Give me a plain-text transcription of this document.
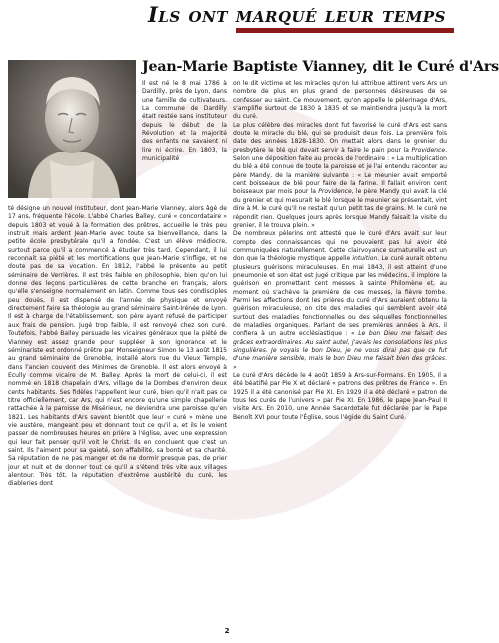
Ils ont marqué leur temps
Jean-Marie Baptiste Vianney, dit le Curé d'Ars

Il est né le 8 mai 1786 à Dardilly, près de Lyon, dans une famille de cultivateurs. La commune de Dardilly était restée sans instituteur depuis le début de la Révolution et la majorité des enfants ne savaient ni lire ni écrire. En 1803, la municipalité

té désigne un nouvel instituteur, dont Jean-Marie Vianney, alors âgé de 17 ans, fréquente l'école. L'abbé Charles Balley, curé « concordataire » depuis 1803 et voué à la formation des prêtres, accueille le très peu instruit mais ardent Jean-Marie avec toute sa bienveillance, dans la petite école presbytérale qu'il a fondée. C'est un élève médiocre, surtout parce qu'il a commencé à étudier très tard. Cependant, il lui reconnait sa piété et les mortifications que Jean-Marie s'inflige, et ne doute pas de sa vocation. En 1812, l'abbé le présente au petit séminaire de Verrières. Il est très faible en philosophie, bien qu'on lui donne des leçons particulières de cette branche en français, alors qu'elle s'enseigne normalement en latin. Comme tous ses condisciples peu doués, il est dispensé de l'année de physique et envoyé directement faire sa théologie au grand séminaire Saint-Irénée de Lyon. Il est à charge de l'établissement, son père ayant refusé de participer aux frais de pension. Jugé trop faible, il est renvoyé chez son curé. Toutefois, l'abbé Balley persuade les vicaires généraux que la piété de Vianney est assez grande pour suppléer à son ignorance et le séminariste est ordonné prêtre par Monseigneur Simon le 13 août 1815 au grand séminaire de Grenoble, installé alors rue du Vieux Temple, dans l'ancien couvent des Minimes de Grenoble. Il est alors envoyé à Ecully comme vicaire de M. Balley. Après la mort de celui-ci, il est nommé en 1818 chapelain d'Ars, village de la Dombes d'environ deux cents habitants. Ses fidèles l'appellent leur curé, bien qu'il n'ait pas ce titre officiellement, car Ars, qui n'est encore qu'une simple chapellerie rattachée à la paroisse de Misérieux, ne deviendra une paroisse qu'en 1821. Les habitants d'Ars savent bientôt que leur « curé » mène une vie austère, mangeant peu et donnant tout ce qu'il a, et ils le voient passer de nombreuses heures en prière à l'église, avec une expression qui leur fait penser qu'il voit le Christ. Ils en concluent que c'est un saint. Ils l'aiment pour sa gaieté, son affabilité, sa bonté et sa charité. Sa réputation de ne pas manger et de ne dormir presque pas, de prier jour et nuit et de donner tout ce qu'il a s'étend très vite aux villages alentour. Très tôt, la réputation d'extrême austérité du curé, les diableries dont

on le dit victime et les miracles qu'on lui attribue attirent vers Ars un nombre de plus en plus grand de personnes désireuses de se confesser au saint. Ce mouvement, qu'on appelle le pèlerinage d'Ars, s'amplifie surtout de 1830 à 1835 et se maintiendra jusqu'à la mort du curé.

Le plus célèbre des miracles dont fut favorisé le curé d'Ars est sans doute le miracle du blé, qui se produisit deux fois. La première fois date des années 1828-1830. On mettait alors dans le grenier du presbytère le blé qui devait servir à faire le pain pour la Providence. Selon une déposition faite au procès de l'ordinaire : « La multiplication du blé a été connue de toute la paroisse et je l'ai entendu raconter au père Mandy, de la manière suivante : « Le meunier avait emporté cent boisseaux de blé pour faire de la farine. Il fallait environ cent boisseaux par mois pour la Providence, le père Mandy qui avait la clé du grenier et qui mesurait le blé lorsque le meunier se présentait, vint dire à M. le curé qu'il ne restait qu'un petit tas de grains. M. le curé ne répondit rien. Quelques jours après lorsque Mandy faisait la visite du grenier, il le trouva plein. »

De nombreux pèlerins ont attesté que le curé d'Ars avait sur leur compte des connaissances qui ne pouvaient pas lui avoir été communiquées naturellement. Cette clairvoyance surnaturelle est un don que la théologie mystique appelle intuition. Le curé aurait obtenu plusieurs guérisons miraculeuses. En mai 1843, il est atteint d'une pneumonie et son état est jugé critique par les médecins, il implore la guérison en promettant cent messes à sainte Philomène et, au moment où s'achève la première de ces messes, la fièvre tombe. Parmi les affections dont les prières du curé d'Ars auraient obtenu la guérison miraculeuse, on cite des maladies qui semblent avoir été surtout des maladies fonctionnelles ou des séquelles fonctionnelles de maladies organiques. Parlant de ses premières années à Ars, il confiera à un autre ecclésiastique : « Le bon Dieu me faisait des grâces extraordinaires. Au saint autel, j'avais les consolations les plus singulières. Je voyais le bon Dieu, je ne vous dirai pas que ce fut d'une manière sensible, mais le bon Dieu me faisait bien des grâces. »

Le curé d'Ars décède le 4 août 1859 à Ars-sur-Formans. En 1905, il a été béatifié par Pie X et déclaré « patrons des prêtres de France ». En 1925 il a été canonisé par Pie XI. En 1929 il a été déclaré « patron de tous les curés de l'univers » par Pie XI. En 1986, le pape Jean-Paul II visite Ars. En 2010, une Année Sacerdotale fut déclarée par le Pape Benoît XVI pour toute l'Église, sous l'égide du Saint Curé.

2
